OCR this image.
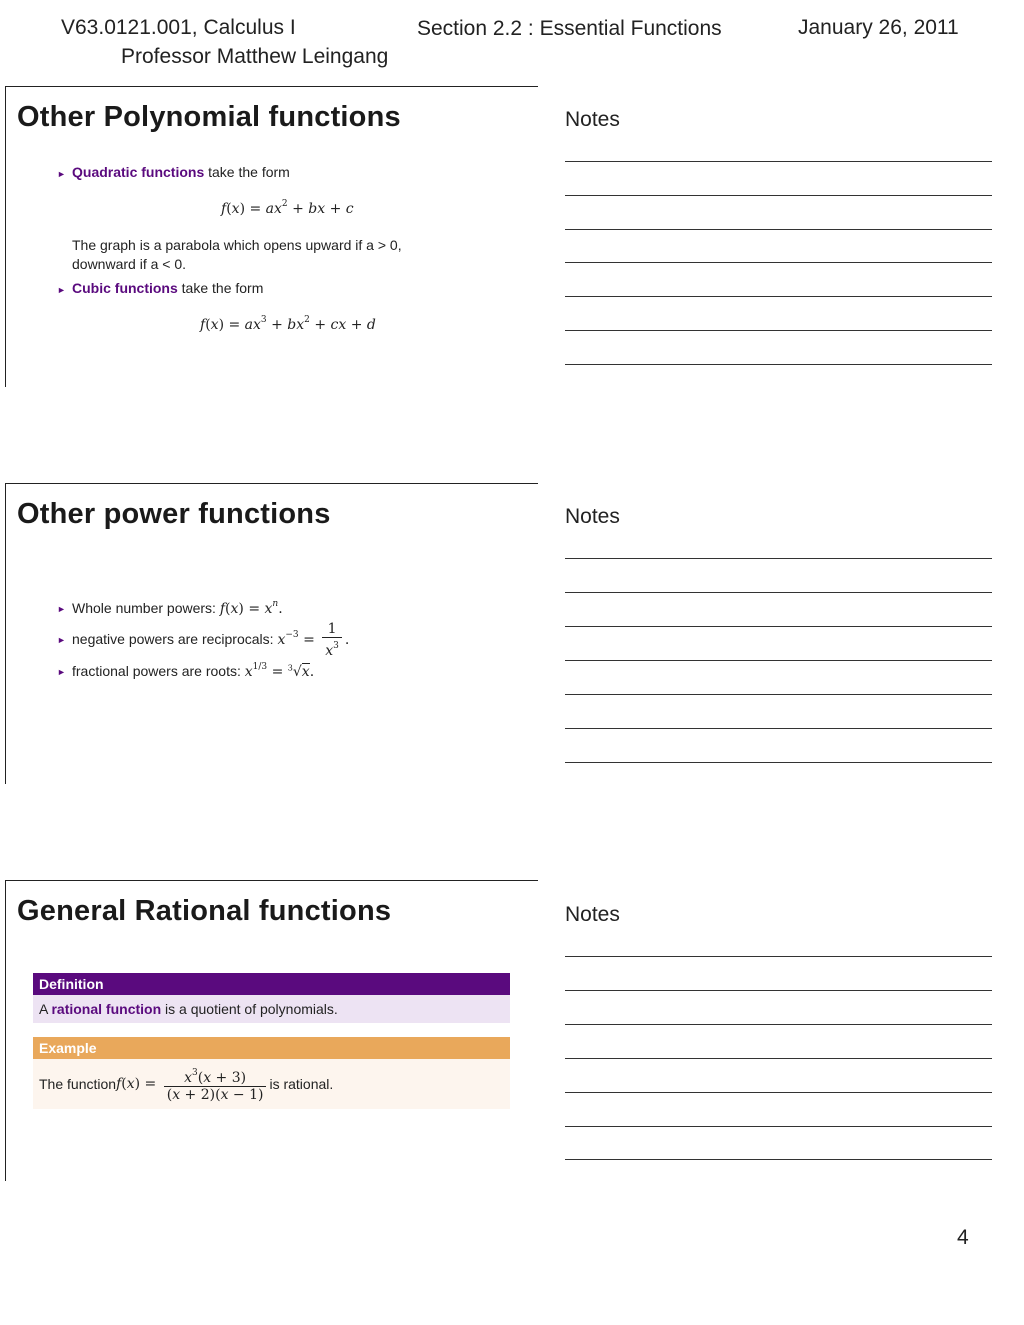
V63.0121.001, Calculus I
Professor Matthew Leingang
Section 2.2 : Essential Functions	January 26, 2011
Other Polynomial functions
► Quadratic functions take the form
$f(x) = ax^2$ + bx + c
The graph is a parabola which opens upward if a > 0,
downward if a < 0.
► Cubic functions take the form
$f(x) = ax^3 + bx^2$ + cx + d
Other power functions
► Whole number powers: $f(x) = x^n$.
► negative powers are reciprocals: $x^{-3} = \frac{1}{x^3}$ .
► fractional powers are roots: $x^{1/3} = ^3√x$.
General Rational functions
Definition
A rational function is a quotient of polynomials.
Example
The function $f(x) = \frac{x^3(x + 3)}{(x + 2)(x - 1)}$ is rational.
Notes
Notes
Notes
4
